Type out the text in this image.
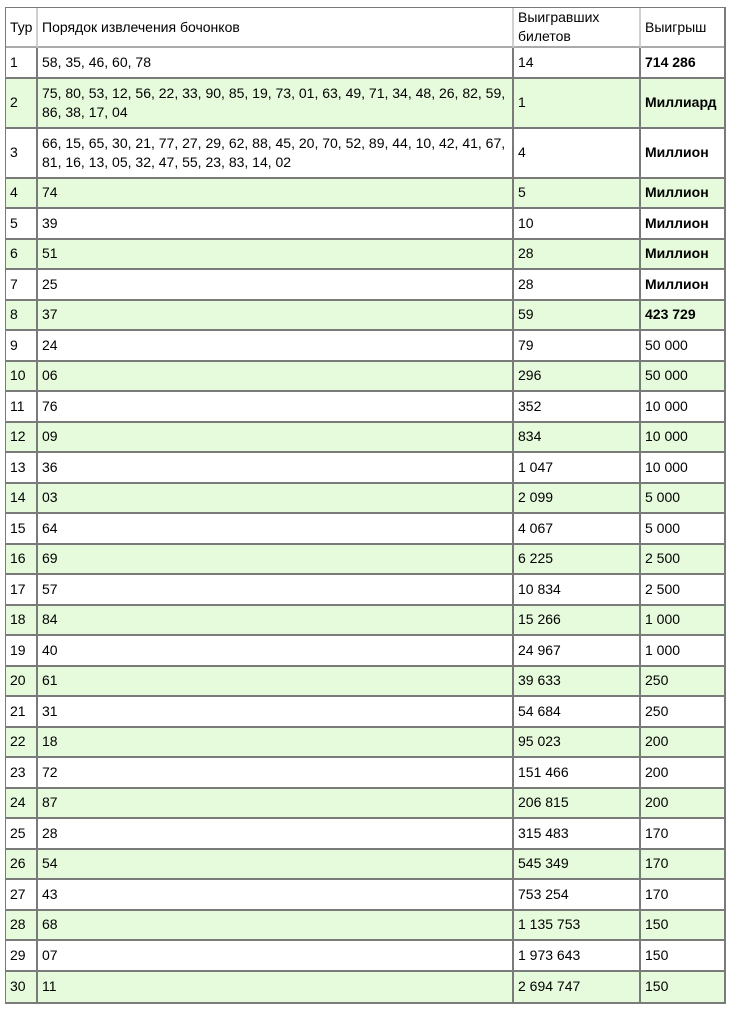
Тур	Порядок извлечения бочонков	Выигравших билетов	Выигрыш
1	58, 35, 46, 60, 78	14	714 286
2	75, 80, 53, 12, 56, 22, 33, 90, 85, 19, 73, 01, 63, 49, 71, 34, 48, 26, 82, 59, 86, 38, 17, 04	1	Миллиард
3	66, 15, 65, 30, 21, 77, 27, 29, 62, 88, 45, 20, 70, 52, 89, 44, 10, 42, 41, 67, 81, 16, 13, 05, 32, 47, 55, 23, 83, 14, 02	4	Миллион
4	74	5	Миллион
5	39	10	Миллион
6	51	28	Миллион
7	25	28	Миллион
8	37	59	423 729
9	24	79	50 000
10	06	296	50 000
11	76	352	10 000
12	09	834	10 000
13	36	1 047	10 000
14	03	2 099	5 000
15	64	4 067	5 000
16	69	6 225	2 500
17	57	10 834	2 500
18	84	15 266	1 000
19	40	24 967	1 000
20	61	39 633	250
21	31	54 684	250
22	18	95 023	200
23	72	151 466	200
24	87	206 815	200
25	28	315 483	170
26	54	545 349	170
27	43	753 254	170
28	68	1 135 753	150
29	07	1 973 643	150
30	11	2 694 747	150
